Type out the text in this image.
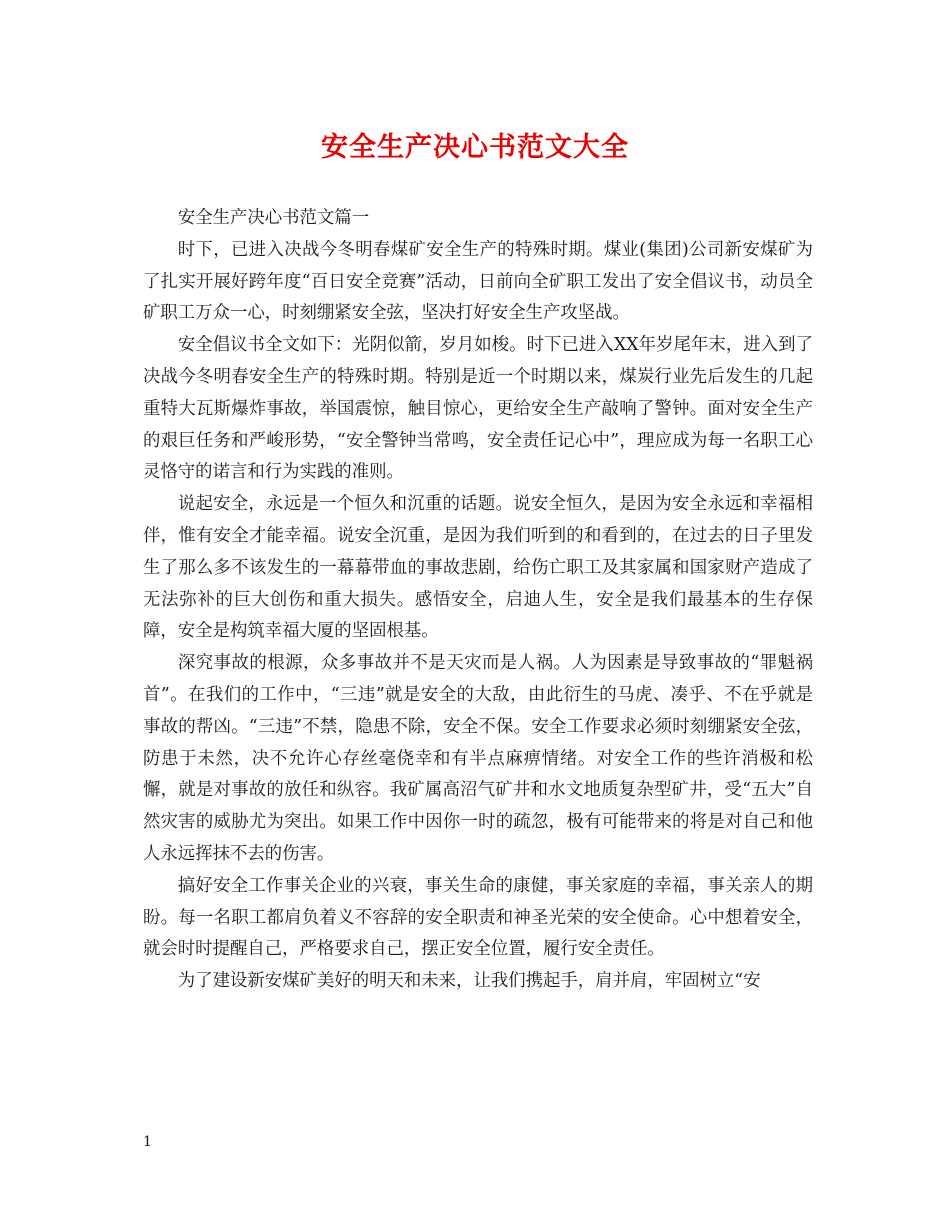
安全生产决心书范文大全

安全生产决心书范文篇一

时下，已进入决战今冬明春煤矿安全生产的特殊时期。煤业(集团)公司新安煤矿为了扎实开展好跨年度“百日安全竞赛”活动，日前向全矿职工发出了安全倡议书，动员全矿职工万众一心，时刻绷紧安全弦，坚决打好安全生产攻坚战。

安全倡议书全文如下：光阴似箭，岁月如梭。时下已进入XX年岁尾年末，进入到了决战今冬明春安全生产的特殊时期。特别是近一个时期以来，煤炭行业先后发生的几起重特大瓦斯爆炸事故，举国震惊，触目惊心，更给安全生产敲响了警钟。面对安全生产的艰巨任务和严峻形势，“安全警钟当常鸣，安全责任记心中”，理应成为每一名职工心灵恪守的诺言和行为实践的准则。

说起安全，永远是一个恒久和沉重的话题。说安全恒久，是因为安全永远和幸福相伴，惟有安全才能幸福。说安全沉重，是因为我们听到的和看到的，在过去的日子里发生了那么多不该发生的一幕幕带血的事故悲剧，给伤亡职工及其家属和国家财产造成了无法弥补的巨大创伤和重大损失。感悟安全，启迪人生，安全是我们最基本的生存保障，安全是构筑幸福大厦的坚固根基。

深究事故的根源，众多事故并不是天灾而是人祸。人为因素是导致事故的“罪魁祸首”。在我们的工作中，“三违”就是安全的大敌，由此衍生的马虎、凑乎、不在乎就是事故的帮凶。“三违”不禁，隐患不除，安全不保。安全工作要求必须时刻绷紧安全弦，防患于未然，决不允许心存丝毫侥幸和有半点麻痹情绪。对安全工作的些许消极和松懈，就是对事故的放任和纵容。我矿属高沼气矿井和水文地质复杂型矿井，受“五大”自然灾害的威胁尤为突出。如果工作中因你一时的疏忽，极有可能带来的将是对自己和他人永远挥抹不去的伤害。

搞好安全工作事关企业的兴衰，事关生命的康健，事关家庭的幸福，事关亲人的期盼。每一名职工都肩负着义不容辞的安全职责和神圣光荣的安全使命。心中想着安全，就会时时提醒自己，严格要求自己，摆正安全位置，履行安全责任。

为了建设新安煤矿美好的明天和未来，让我们携起手，肩并肩，牢固树立“安

1
